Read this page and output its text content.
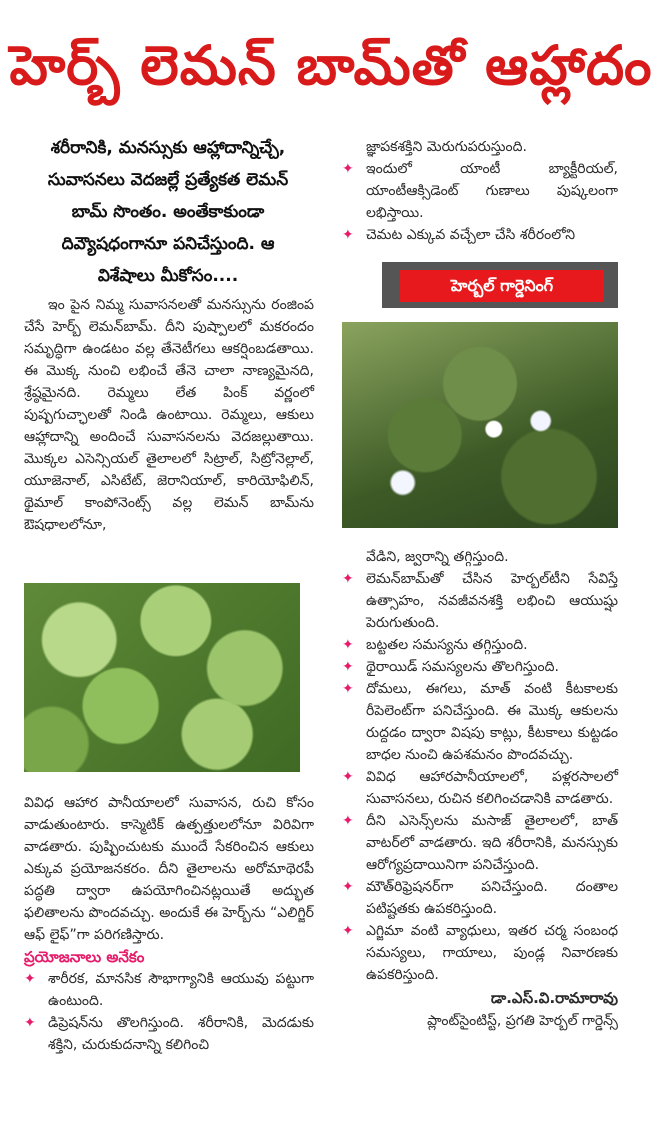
హెర్బ్‌ లెమన్‌ బామ్‌తో ఆహ్లాదం
శరీరానికి, మనస్సుకు ఆహ్లాదాన్నిచ్చే,
సువాసనలు వెదజల్లే ప్రత్యేకత లెమన్‌
బామ్‌ సొంతం. అంతేకాకుండా
దివ్యౌషధంగానూ పనిచేస్తుంది. ఆ
విశేషాలు మీకోసం....

ఇం పైన నిమ్మ సువాసనలతో మనస్సును రంజింప చేసే హెర్బ్‌ లెమన్‌బామ్‌. దీని పుష్పాలలో మకరందం సమృద్ధిగా ఉండటం వల్ల తేనెటీగలు ఆకర్షింబడతాయి. ఈ మొక్క నుంచి లభించే తేనె చాలా నాణ్యమైనది, శ్రేష్ఠమైనది. రెమ్మలు లేత పింక్‌ వర్ణంలో పుష్పగుచ్ఛాలతో నిండి ఉంటాయి. రెమ్మలు, ఆకులు ఆహ్లాదాన్ని అందించే సువాసనలను వెదజల్లుతాయి. మొక్కల ఎసెన్సియల్‌ తైలాలలో సిట్రాల్‌, సిట్రోనెల్లాల్‌, యూజెనాల్‌, ఎసిటేట్‌, జెరానియాల్‌, కారియోఫిలిన్‌, థైమాల్‌ కాంపోనెంట్స్‌ వల్ల లెమన్‌ బామ్‌ను ఔషధాలలోనూ,

వివిధ ఆహార పానీయాలలో సువాసన, రుచి కోసం వాడుతుంటారు. కాస్మెటిక్‌ ఉత్పత్తులలోనూ విరివిగా వాడతారు. పుష్పించుటకు ముందే సేకరించిన ఆకులు ఎక్కువ ప్రయోజనకరం. దీని తైలాలను అరోమాథెరపీ పద్ధతి ద్వారా ఉపయోగించినట్లయితే అద్భుత ఫలితాలను పొందవచ్చు. అందుకే ఈ హెర్బ్‌ను “ఎలిగ్జిర్‌ ఆఫ్‌ లైఫ్‌”గా పరిగణిస్తారు.

ప్రయోజనాలు అనేకం

✦ శారీరక, మానసిక సౌభాగ్యానికి ఆయువు పట్టుగా ఉంటుంది.
✦ డిప్రెషన్‌ను తొలగిస్తుంది. శరీరానికి, మెదడుకు శక్తిని, చురుకుదనాన్ని కలిగించి
జ్ఞాపకశక్తిని మెరుగుపరుస్తుంది.
✦ ఇందులో యాంటీ బ్యాక్టీరియల్‌, యాంటీఆక్సిడెంట్‌ గుణాలు పుష్కలంగా లభిస్తాయి.
✦ చెమట ఎక్కువ వచ్చేలా చేసి శరీరంలోని
హెర్బల్‌ గార్డెనింగ్‌
వేడిని, జ్వరాన్ని తగ్గిస్తుంది.
✦ లెమన్‌బామ్‌తో చేసిన హెర్బల్‌టీని సేవిస్తే ఉత్సాహం, నవజీవనశక్తి లభించి ఆయుష్షు పెరుగుతుంది.
✦ బట్టతల సమస్యను తగ్గిస్తుంది.
✦ థైరాయిడ్‌ సమస్యలను తొలగిస్తుంది.
✦ దోమలు, ఈగలు, మాత్‌ వంటి కీటకాలకు రీపెలెంట్‌గా పనిచేస్తుంది. ఈ మొక్క ఆకులను రుద్దడం ద్వారా విషపు కాట్లు, కీటకాలు కుట్టడం బాధల నుంచి ఉపశమనం పొందవచ్చు.
✦ వివిధ ఆహారపానీయాలలో, పళ్లరసాలలో సువాసనలు, రుచిన కలిగించడానికి వాడతారు.
✦ దీని ఎసెన్స్‌లను మసాజ్‌ తైలాలలో, బాత్‌ వాటర్‌లో వాడతారు. ఇది శరీరానికి, మనస్సుకు ఆరోగ్యప్రదాయినిగా పనిచేస్తుంది.
✦ మౌత్‌రిఫ్రెషనర్‌గా పనిచేస్తుంది. దంతాల పటిష్టతకు ఉపకరిస్తుంది.
✦ ఎగ్జిమా వంటి వ్యాధులు, ఇతర చర్మ సంబంధ సమస్యలు, గాయాలు, పుండ్ల నివారణకు ఉపకరిస్తుంది.
డా.ఎస్‌.వి.రామారావు
ప్లాంట్‌సైంటిస్ట్‌, ప్రగతి హెర్బల్‌ గార్డెన్స్‌
